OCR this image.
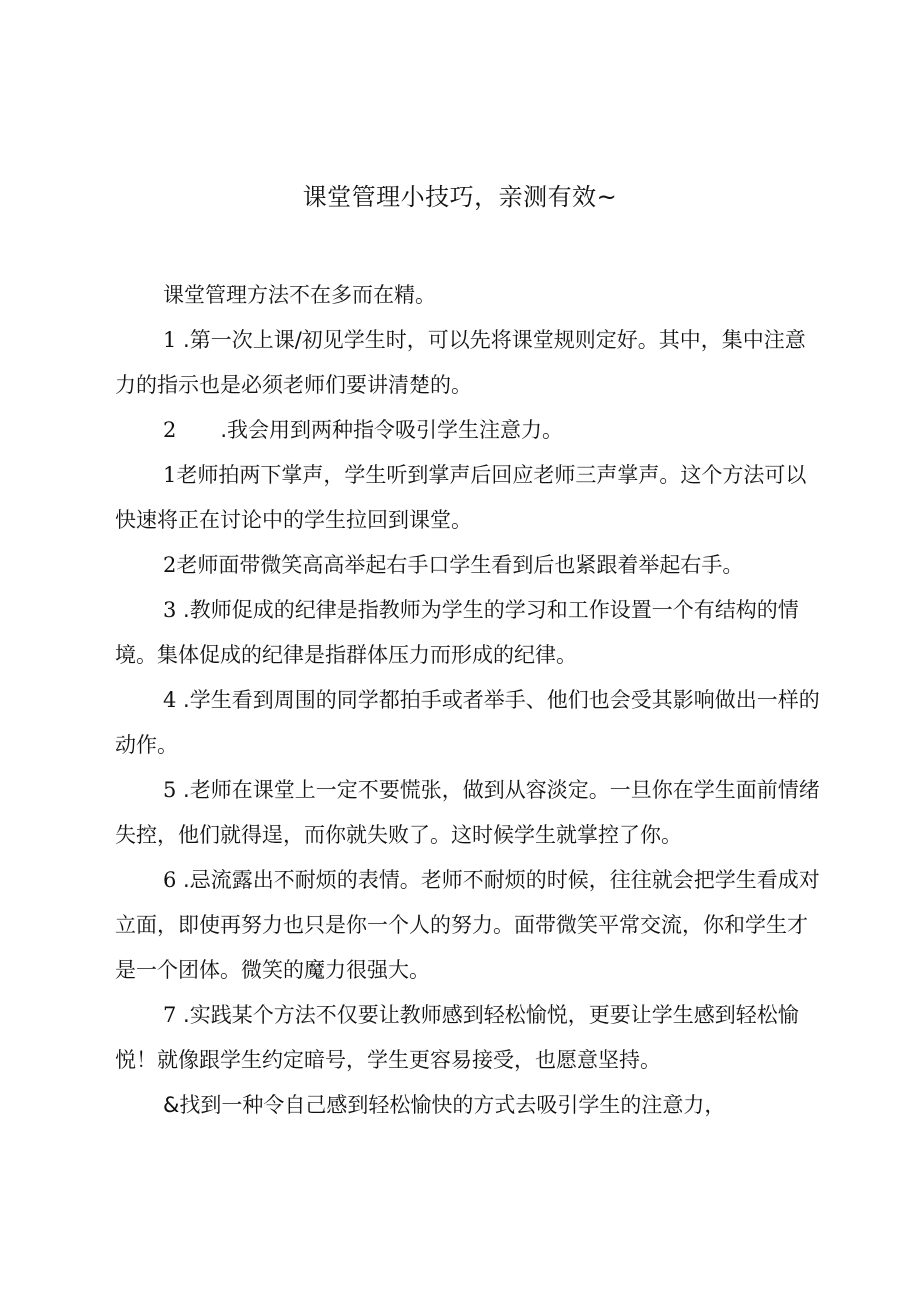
课堂管理小技巧，亲测有效~

课堂管理方法不在多而在精。

1 .第一次上课/初见学生时，可以先将课堂规则定好。其中，集中注意力的指示也是必须老师们要讲清楚的。

2 .我会用到两种指令吸引学生注意力。

1老师拍两下掌声，学生听到掌声后回应老师三声掌声。这个方法可以快速将正在讨论中的学生拉回到课堂。

2老师面带微笑高高举起右手口学生看到后也紧跟着举起右手。

3 .教师促成的纪律是指教师为学生的学习和工作设置一个有结构的情境。集体促成的纪律是指群体压力而形成的纪律。

4 .学生看到周围的同学都拍手或者举手、他们也会受其影响做出一样的动作。

5 .老师在课堂上一定不要慌张，做到从容淡定。一旦你在学生面前情绪失控，他们就得逞，而你就失败了。这时候学生就掌控了你。

6 .忌流露出不耐烦的表情。老师不耐烦的时候，往往就会把学生看成对立面，即使再努力也只是你一个人的努力。面带微笑平常交流，你和学生才是一个团体。微笑的魔力很强大。

7 .实践某个方法不仅要让教师感到轻松愉悦，更要让学生感到轻松愉悦！就像跟学生约定暗号，学生更容易接受，也愿意坚持。

&找到一种令自己感到轻松愉快的方式去吸引学生的注意力，
